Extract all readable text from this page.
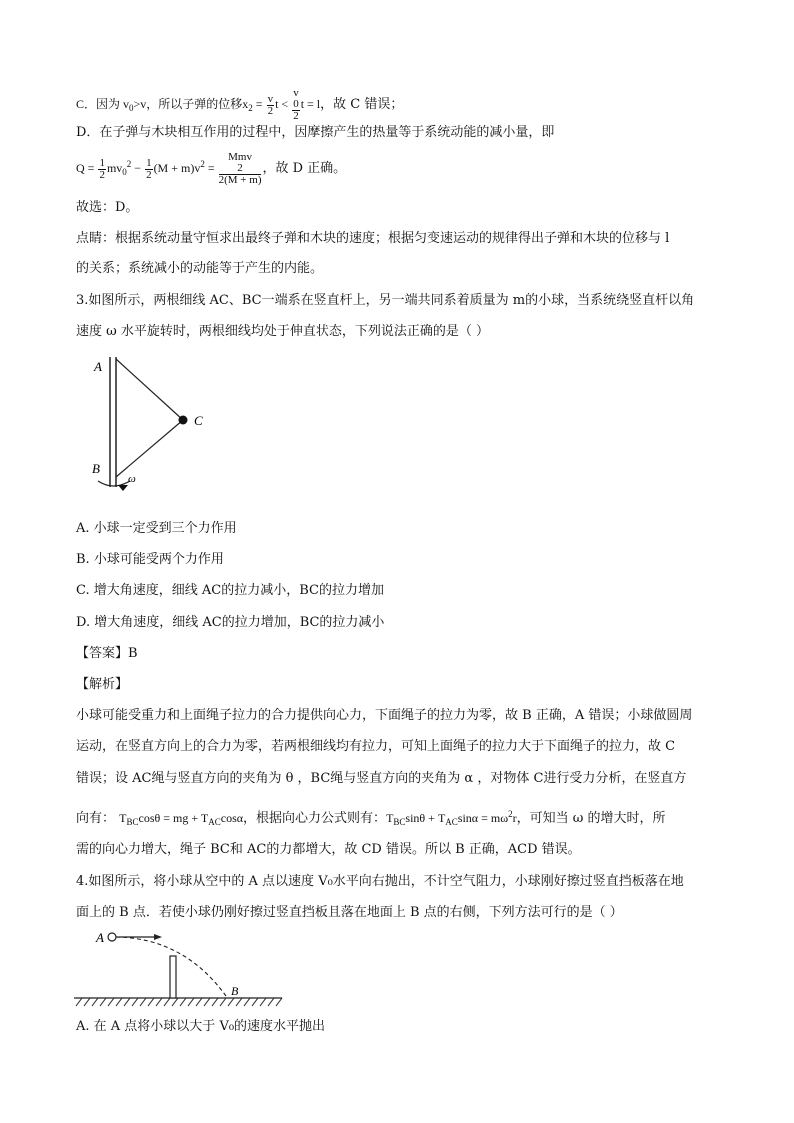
C．因为 $v_0>v$，所以子弹的位移$x_2 = \frac{v}{2}$ t < v
0
2 t = l，故 C 错误；
D．在子弹与木块相互作用的过程中，因摩擦产生的热量等于系统动能的减小量，即
$Q = \frac{1}{2} mv_0^2 - \frac{1}{2} (M + m)v^2$ = Mmv
2
2(M + m) ，故 D 正确。
故选：D。
点睛：根据系统动量守恒求出最终子弹和木块的速度；根据匀变速运动的规律得出子弹和木块的位移与 l
的关系；系统减小的动能等于产生的内能。
3.如图所示，两根细线 AC、BC一端系在竖直杆上，另一端共同系着质量为 m的小球，当系统绕竖直杆以角
速度 ω 水平旋转时，两根细线均处于伸直状态，下列说法正确的是（ ）
A
B
C
ω
A. 小球一定受到三个力作用
B. 小球可能受两个力作用
C. 增大角速度，细线 AC的拉力减小，BC的拉力增加
D. 增大角速度，细线 AC的拉力增加，BC的拉力减小
【答案】B
【解析】
小球可能受重力和上面绳子拉力的合力提供向心力，下面绳子的拉力为零，故 B 正确，A 错误；小球做圆周
运动，在竖直方向上的合力为零，若两根细线均有拉力，可知上面绳子的拉力大于下面绳子的拉力，故 C
错误；设 AC绳与竖直方向的夹角为 θ ，BC绳与竖直方向的夹角为 α ，对物体 C进行受力分析，在竖直方
向有： $T_{BC}\cos\theta$ = mg + $T_{AC}\cos\alpha$，根据向心力公式则有：$T_{BC}\sin\theta + T_{AC}\sin\alpha = m\omega^2r$，可知当 ω 的增大时，所
需的向心力增大，绳子 BC和 AC的力都增大，故 CD 错误。所以 B 正确，ACD 错误。
4.如图所示，将小球从空中的 A 点以速度 V₀水平向右抛出，不计空气阻力，小球刚好擦过竖直挡板落在地
面上的 B 点．若使小球仍刚好擦过竖直挡板且落在地面上 B 点的右侧，下列方法可行的是（ ）
A
B
A. 在 A 点将小球以大于 V₀的速度水平抛出
